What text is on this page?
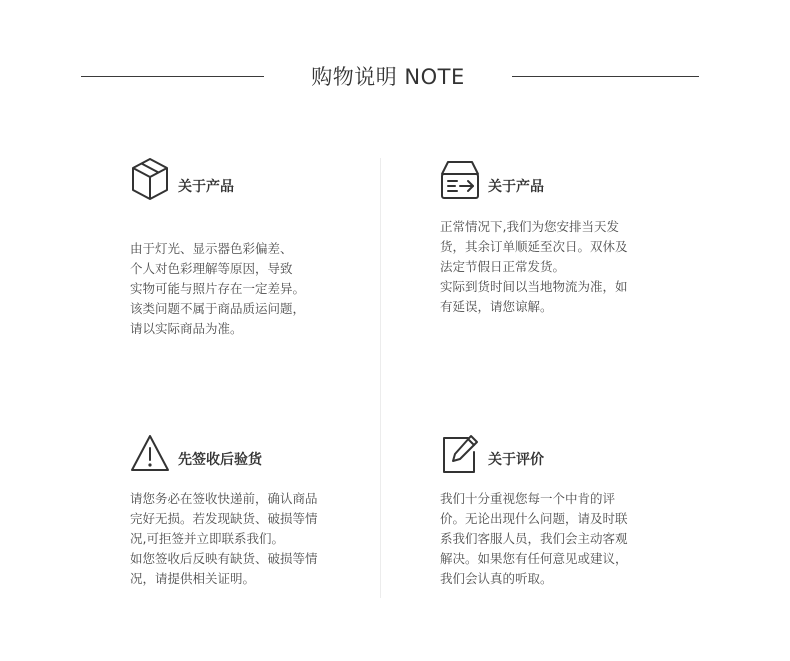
购物说明 NOTE
关于产品
由于灯光、显示器色彩偏差、
个人对色彩理解等原因，导致
实物可能与照片存在一定差异。
该类问题不属于商品质运问题，
请以实际商品为准。
关于产品
正常情况下,我们为您安排当天发
货，其余订单顺延至次日。双休及
法定节假日正常发货。
实际到货时间以当地物流为准，如
有延误，请您谅解。
先签收后验货
请您务必在签收快递前，确认商品
完好无损。若发现缺货、破损等情
况,可拒签并立即联系我们。
如您签收后反映有缺货、破损等情
况，请提供相关证明。
关于评价
我们十分重视您每一个中肯的评
价。无论出现什么问题，请及时联
系我们客服人员，我们会主动客观
解决。如果您有任何意见或建议，
我们会认真的听取。
